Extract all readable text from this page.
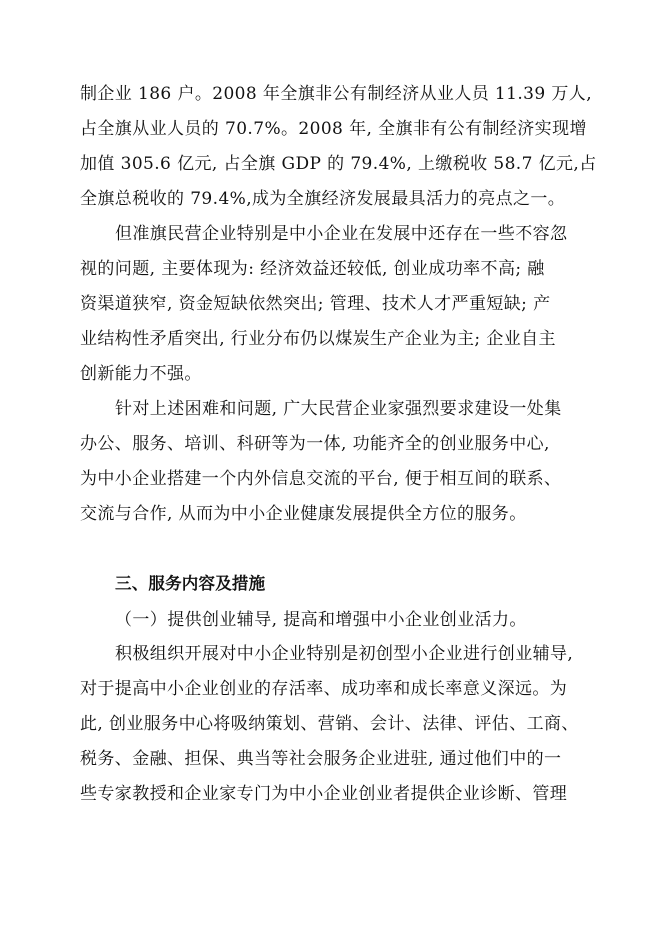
制企业 186 户。2008 年全旗非公有制经济从业人员 11.39 万人,
占全旗从业人员的 70.7%。2008 年, 全旗非有公有制经济实现增
加值 305.6 亿元, 占全旗 GDP 的 79.4%, 上缴税收 58.7 亿元,占
全旗总税收的 79.4%,成为全旗经济发展最具活力的亮点之一。
但准旗民营企业特别是中小企业在发展中还存在一些不容忽
视的问题, 主要体现为: 经济效益还较低, 创业成功率不高; 融
资渠道狭窄, 资金短缺依然突出; 管理、技术人才严重短缺; 产
业结构性矛盾突出, 行业分布仍以煤炭生产企业为主; 企业自主
创新能力不强。
针对上述困难和问题, 广大民营企业家强烈要求建设一处集
办公、服务、培训、科研等为一体, 功能齐全的创业服务中心,
为中小企业搭建一个内外信息交流的平台, 便于相互间的联系、
交流与合作, 从而为中小企业健康发展提供全方位的服务。
三、服务内容及措施
（一）提供创业辅导, 提高和增强中小企业创业活力。
积极组织开展对中小企业特别是初创型小企业进行创业辅导,
对于提高中小企业创业的存活率、成功率和成长率意义深远。为
此, 创业服务中心将吸纳策划、营销、会计、法律、评估、工商、
税务、金融、担保、典当等社会服务企业进驻, 通过他们中的一
些专家教授和企业家专门为中小企业创业者提供企业诊断、管理
